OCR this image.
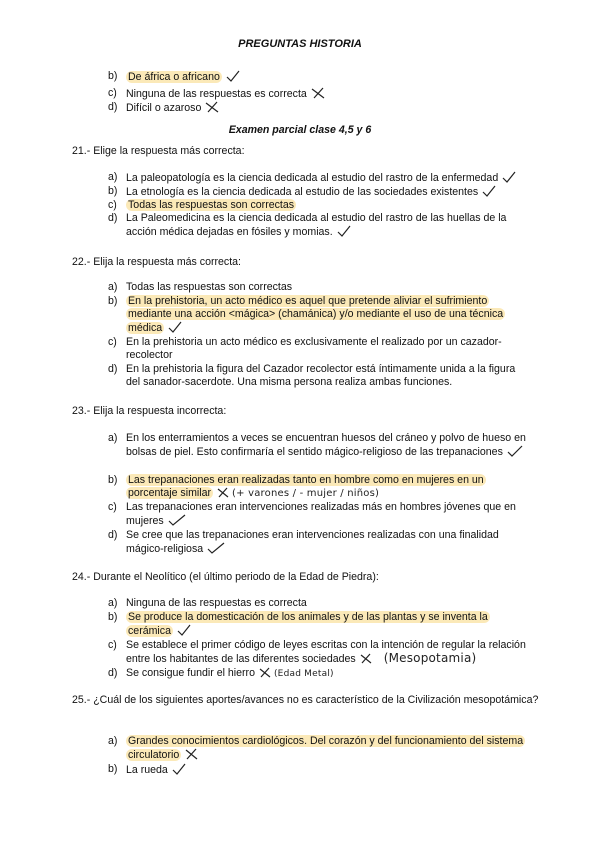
PREGUNTAS HISTORIA
b) De áfrica o africano
c) Ninguna de las respuestas es correcta
d) Difícil o azaroso
Examen parcial clase 4,5 y 6
21.- Elige la respuesta más correcta:
a) La paleopatología es la ciencia dedicada al estudio del rastro de la enfermedad
b) La etnología es la ciencia dedicada al estudio de las sociedades existentes
c)	Todas las respuestas son correctas
d) La Paleomedicina es la ciencia dedicada al estudio del rastro de las huellas de la acción médica dejadas en fósiles y momias.
22.- Elija la respuesta más correcta:
a) Todas las respuestas son correctas
b) En la prehistoria, un acto médico es aquel que pretende aliviar el sufrimiento mediante una acción <mágica> (chamánica) y/o mediante el uso de una técnica médica
c) En la prehistoria un acto médico es exclusivamente el realizado por un cazador-recolector
d) En la prehistoria la figura del Cazador recolector está íntimamente unida a la figura del sanador-sacerdote. Una misma persona realiza ambas funciones.
23.- Elija la respuesta incorrecta:
a) En los enterramientos a veces se encuentran huesos del cráneo y polvo de hueso en bolsas de piel. Esto confirmaría el sentido mágico-religioso de las trepanaciones
b) Las trepanaciones eran realizadas tanto en hombre como en mujeres en un porcentaje similar (+ varones / - mujer / niños)
c) Las trepanaciones eran intervenciones realizadas más en hombres jóvenes que en mujeres
d) Se cree que las trepanaciones eran intervenciones realizadas con una finalidad mágico-religiosa
24.- Durante el Neolítico (el último periodo de la Edad de Piedra):
a) Ninguna de las respuestas es correcta
b) Se produce la domesticación de los animales y de las plantas y se inventa la cerámica
c) Se establece el primer código de leyes escritas con la intención de regular la relación entre los habitantes de las diferentes sociedades (Mesopotamia)
d) Se consigue fundir el hierro (Edad Metal)
25.- ¿Cuál de los siguientes aportes/avances no es característico de la Civilización mesopotámica?
a) Grandes conocimientos cardiológicos. Del corazón y del funcionamiento del sistema circulatorio
b) La rueda
